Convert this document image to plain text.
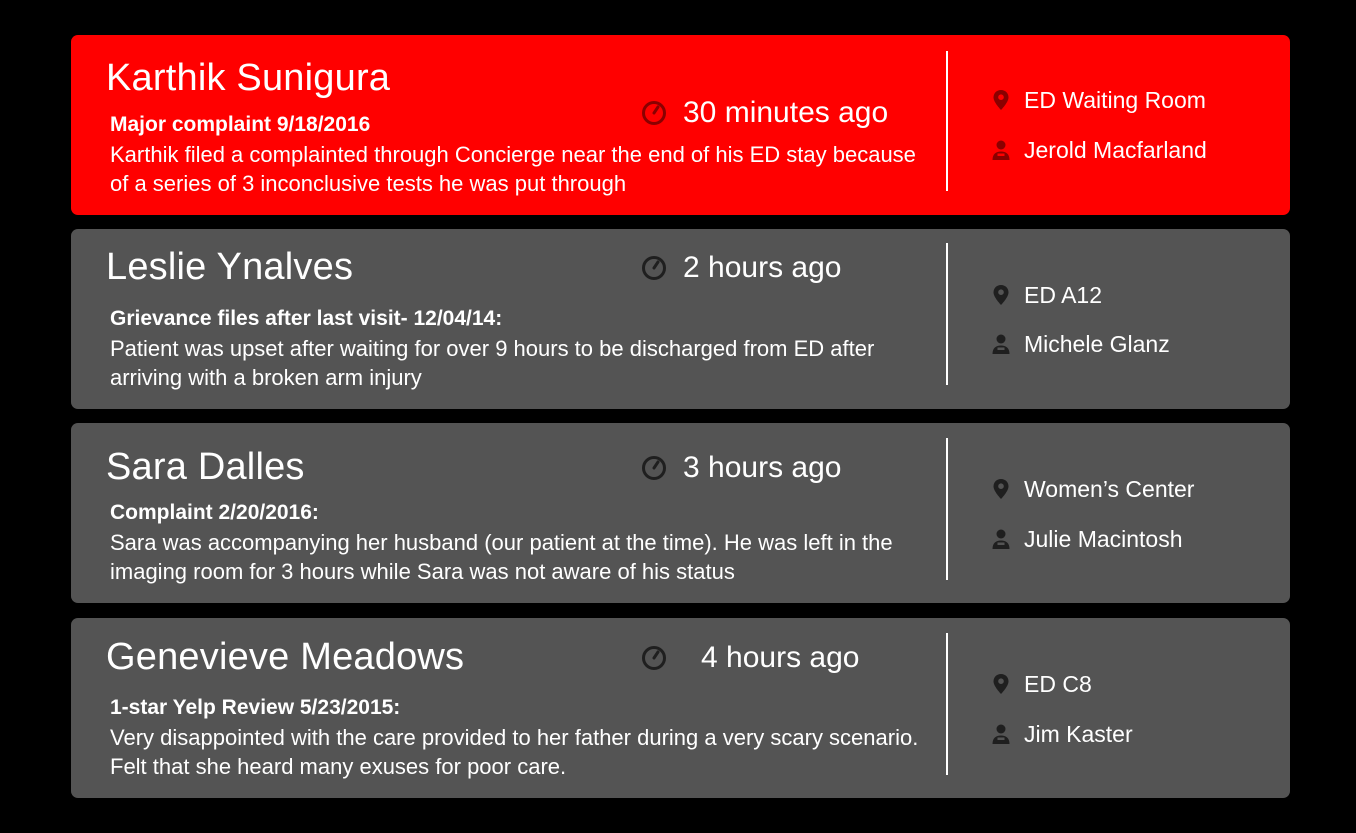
Karthik Sunigura
30 minutes ago
Major complaint 9/18/2016
Karthik filed a complainted through Concierge near the end of his ED stay because of a series of 3 inconclusive tests he was put through
ED Waiting Room
Jerold Macfarland
Leslie Ynalves	2 hours ago
Grievance files after last visit- 12/04/14:
Patient was upset after waiting for over 9 hours to be discharged from ED after arriving with a broken arm injury
ED A12
Michele Glanz
Sara Dalles	3 hours ago
Complaint 2/20/2016:
Sara was accompanying her husband (our patient at the time). He was left in the imaging room for 3 hours while Sara was not aware of his status
Women’s Center
Julie Macintosh
Genevieve Meadows	4 hours ago
1-star Yelp Review 5/23/2015:
Very disappointed with the care provided to her father during a very scary scenario. Felt that she heard many exuses for poor care.
ED C8
Jim Kaster
